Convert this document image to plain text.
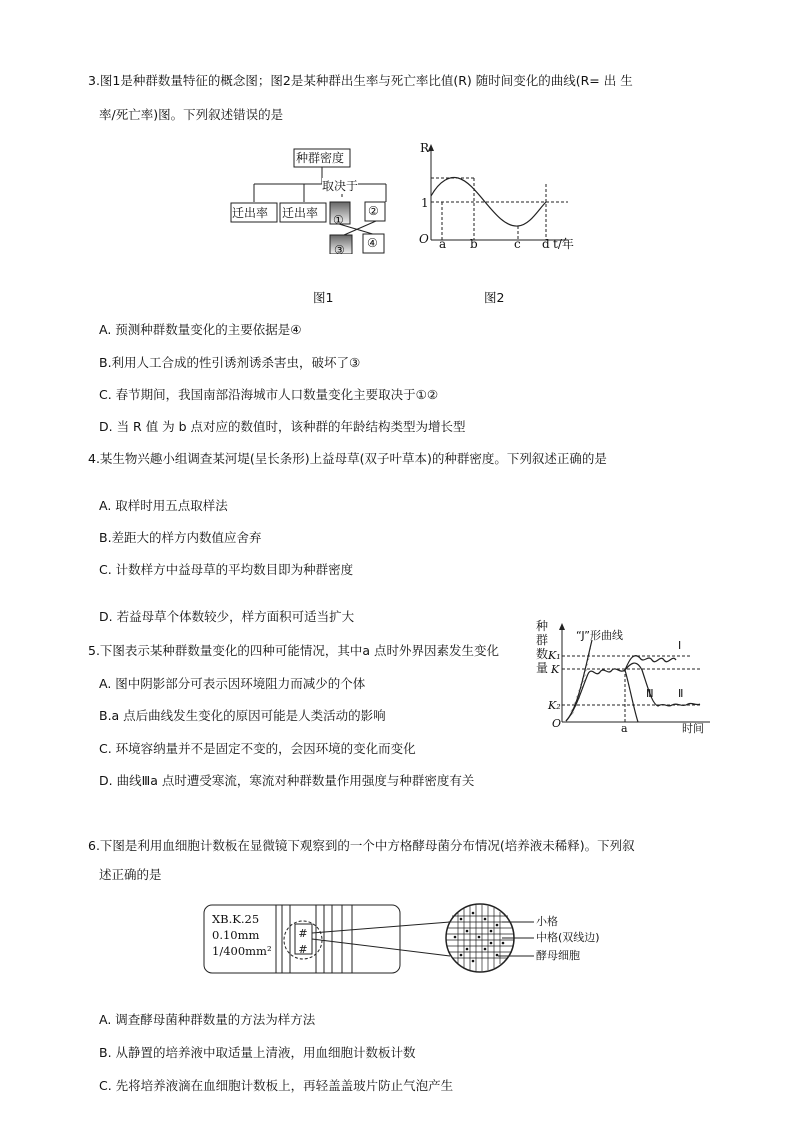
3.图1是种群数量特征的概念图；图2是某种群出生率与死亡率比值(R) 随时间变化的曲线(R= 出 生
率/死亡率)图。下列叙述错误的是
种群密度
取决于
迁出率 迁出率 ①
②
③ ④
R
1
O a b	c d t/年
图1	图2
A. 预测种群数量变化的主要依据是④
B.利用人工合成的性引诱剂诱杀害虫，破坏了③
C. 春节期间，我国南部沿海城市人口数量变化主要取决于①②
D. 当 R 值 为 b 点对应的数值时，该种群的年龄结构类型为增长型
4.某生物兴趣小组调查某河堤(呈长条形)上益母草(双子叶草本)的种群密度。下列叙述正确的是
A. 取样时用五点取样法
B.差距大的样方内数值应舍弃
C. 计数样方中益母草的平均数目即为种群密度
D. 若益母草个体数较少，样方面积可适当扩大
5.下图表示某种群数量变化的四种可能情况，其中a 点时外界因素发生变化
A. 图中阴影部分可表示因环境阻力而减少的个体
B.a 点后曲线发生变化的原因可能是人类活动的影响
C. 环境容纳量并不是固定不变的，会因环境的变化而变化
D. 曲线Ⅲa 点时遭受寒流，寒流对种群数量作用强度与种群密度有关
种
群
数
量
“J”形曲线
K₁
K
K₂
O	a	时间
Ⅰ
Ⅱ
Ⅲ
6.下图是利用血细胞计数板在显微镜下观察到的一个中方格酵母菌分布情况(培养液未稀释)。下列叙
述正确的是
#
#
XB.K.25
0.10mm
1/400mm²
小格
中格(双线边)
酵母细胞
A. 调查酵母菌种群数量的方法为样方法
B. 从静置的培养液中取适量上清液，用血细胞计数板计数
C. 先将培养液滴在血细胞计数板上，再轻盖盖玻片防止气泡产生
